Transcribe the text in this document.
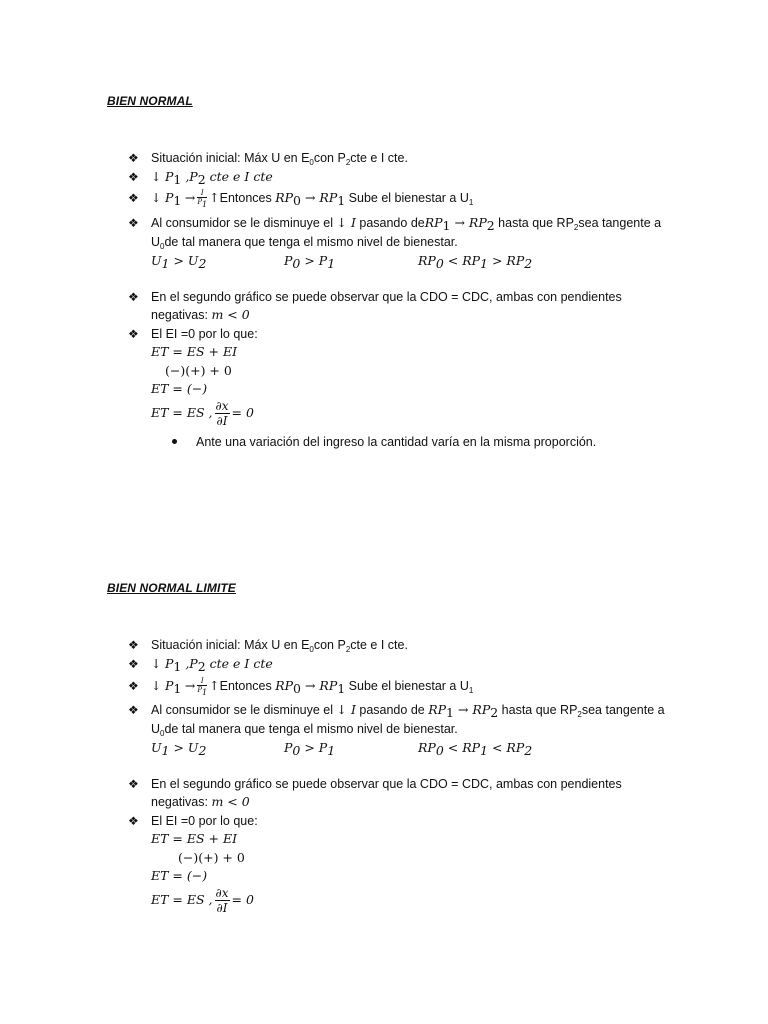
BIEN NORMAL
❖ Situación inicial: Máx U en $E_0con$ $P_2cte$ e I cte.
❖ ↓ $P_1$ $,P_2$ cte e I cte
❖ ↓ $P_1 \to \frac{I}{P_1}$ ↑Entonces $RP_0 \to RP_1$ Sube el bienestar a $U_1$
❖ Al consumidor se le disminuye el ↓ I pasando deRP$_1$ → $RP_2$ hasta que $RP_2sea$ tangente a
$U_0de$ tal manera que tenga el mismo nivel de bienestar.
$U_1 > U_2$	$P_0 > P_1$	$RP_0 < RP_1 > RP_2$
❖ En el segundo gráfico se puede observar que la CDO = CDC, ambas con pendientes
negativas: m < 0
❖ El EI =0 por lo que:
ET = ES + EI
(−)(+) + 0
ET = (−)
ET = ES , $\frac{\partial x}{\partial I} = 0$
Ante una variación del ingreso la cantidad varía en la misma proporción.
BIEN NORMAL LIMITE
❖ Situación inicial: Máx U en $E_0con$ $P_2cte$ e I cte.
❖ ↓ $P_1$ $,P_2$ cte e I cte
❖ ↓ $P_1 \to \frac{I}{P_1}$ ↑Entonces $RP_0 \to RP_1$ Sube el bienestar a $U_1$
❖ Al consumidor se le disminuye el ↓ I pasando de $RP_1 \to RP_2$ hasta que $RP_2sea$ tangente a
$U_0de$ tal manera que tenga el mismo nivel de bienestar.
$U_1 > U_2$	$P_0 > P_1$	$RP_0 < RP_1 < RP_2$
❖ En el segundo gráfico se puede observar que la CDO = CDC, ambas con pendientes
negativas: m < 0
❖ El EI =0 por lo que:
ET = ES + EI
(−)(+) + 0
ET = (−)
ET = ES , $\frac{\partial x}{\partial I} = 0$
